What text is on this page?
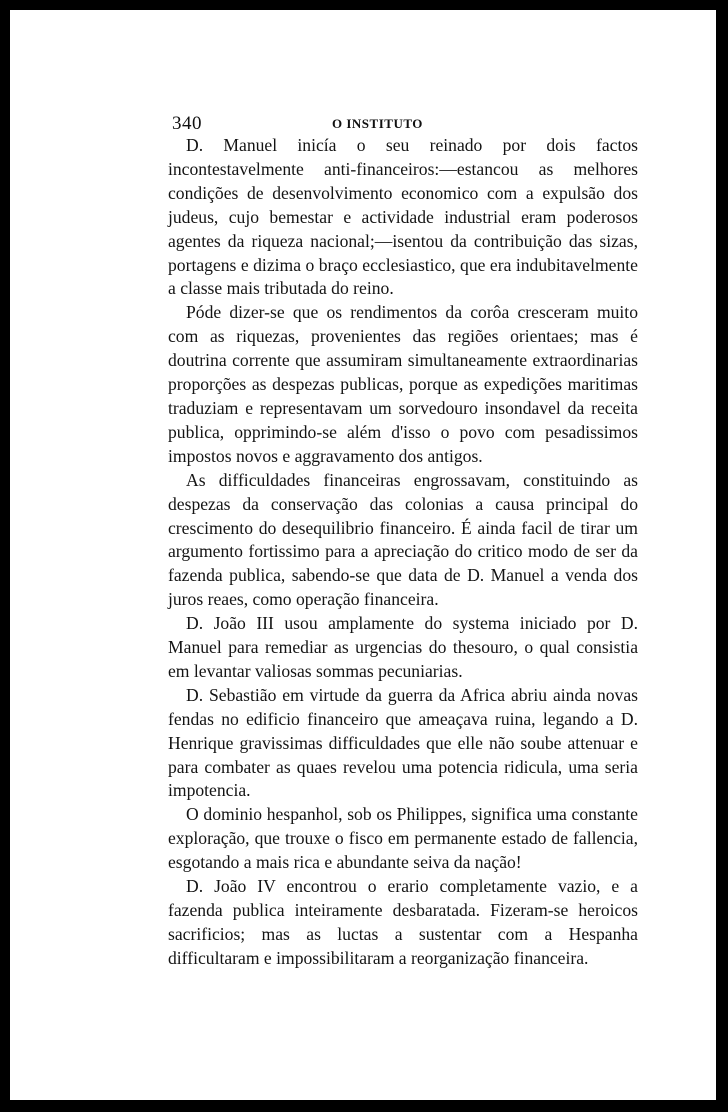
340	O INSTITUTO

D. Manuel inicía o seu reinado por dois factos incontestavelmente anti-financeiros:—estancou as melhores condições de desenvolvimento economico com a expulsão dos judeus, cujo bemestar e actividade industrial eram poderosos agentes da riqueza nacional;—isentou da contribuição das sizas, portagens e dizima o braço ecclesiastico, que era indubitavelmente a classe mais tributada do reino.

Póde dizer-se que os rendimentos da corôa cresceram muito com as riquezas, provenientes das regiões orientaes; mas é doutrina corrente que assumiram simultaneamente extraordinarias proporções as despezas publicas, porque as expedições maritimas traduziam e representavam um sorvedouro insondavel da receita publica, opprimindo-se além d'isso o povo com pesadissimos impostos novos e aggravamento dos antigos.

As difficuldades financeiras engrossavam, constituindo as despezas da conservação das colonias a causa principal do crescimento do desequilibrio financeiro. É ainda facil de tirar um argumento fortissimo para a apreciação do critico modo de ser da fazenda publica, sabendo-se que data de D. Manuel a venda dos juros reaes, como operação financeira.

D. João III usou amplamente do systema iniciado por D. Manuel para remediar as urgencias do thesouro, o qual consistia em levantar valiosas sommas pecuniarias.

D. Sebastião em virtude da guerra da Africa abriu ainda novas fendas no edificio financeiro que ameaçava ruina, legando a D. Henrique gravissimas difficuldades que elle não soube attenuar e para combater as quaes revelou uma potencia ridicula, uma seria impotencia.

O dominio hespanhol, sob os Philippes, significa uma constante exploração, que trouxe o fisco em permanente estado de fallencia, esgotando a mais rica e abundante seiva da nação!

D. João IV encontrou o erario completamente vazio, e a fazenda publica inteiramente desbaratada. Fizeram-se heroicos sacrificios; mas as luctas a sustentar com a Hespanha difficultaram e impossibilitaram a reorganização financeira.
